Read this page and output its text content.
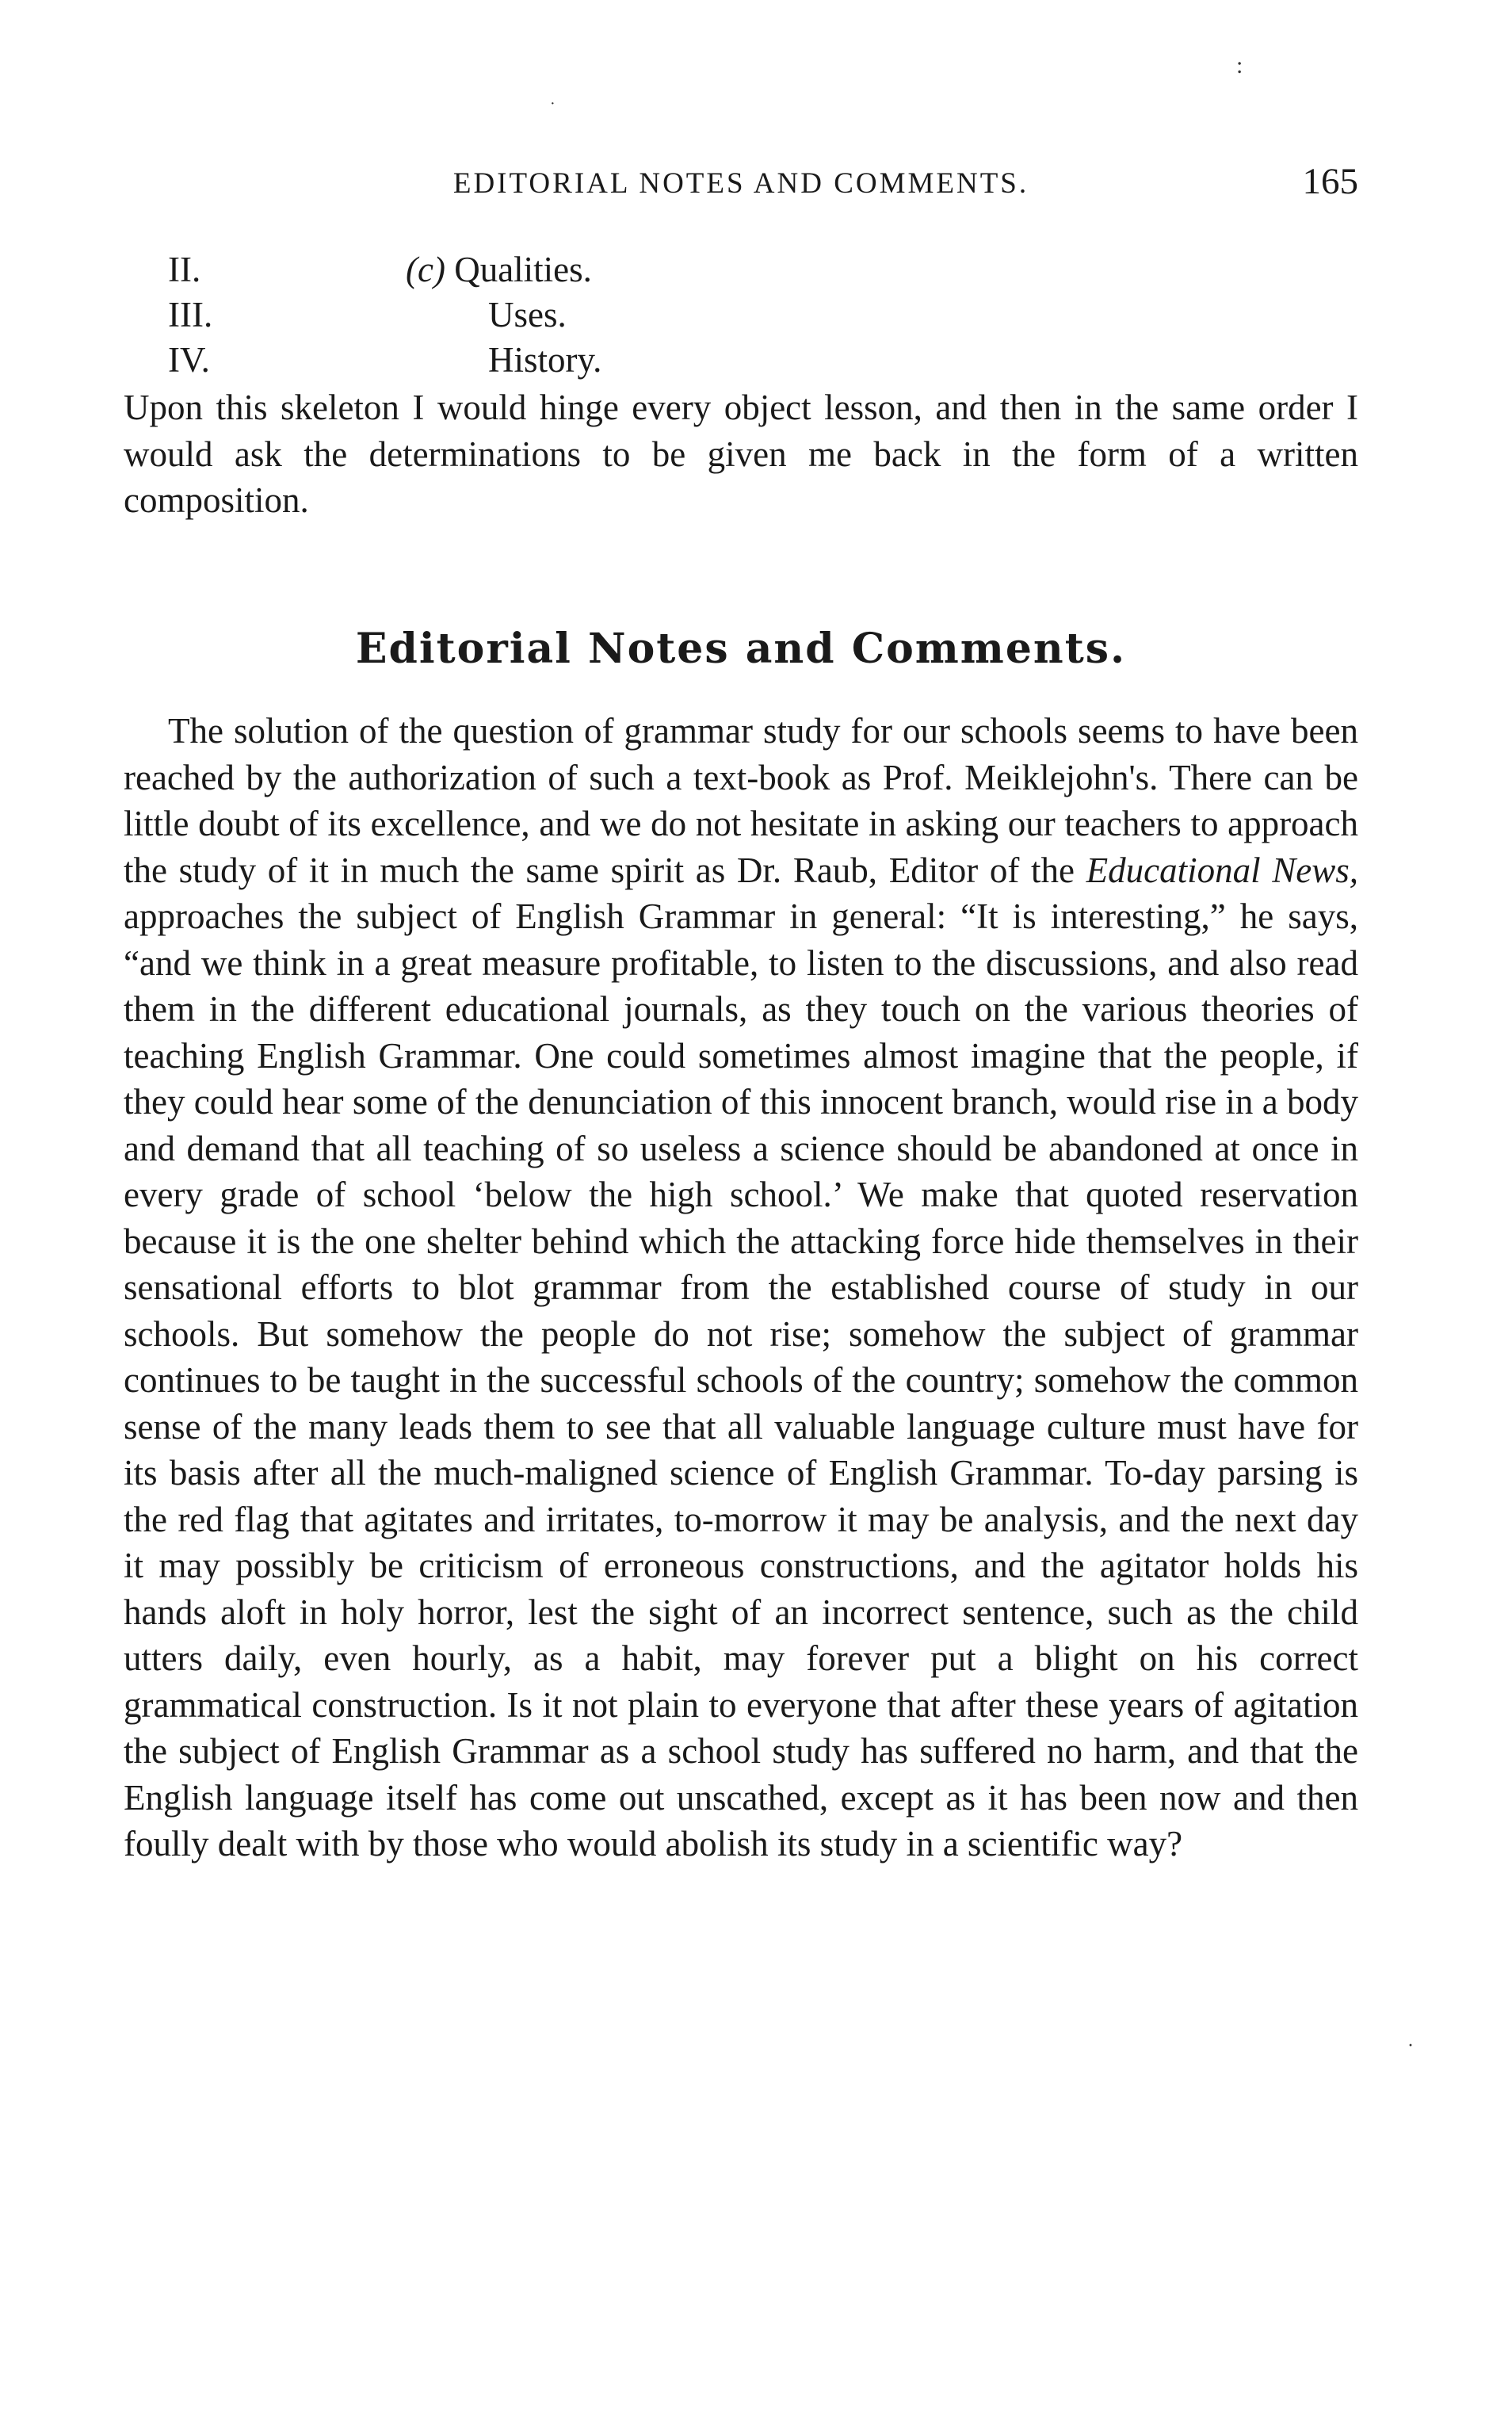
:
·
·
EDITORIAL NOTES AND COMMENTS.	165
II.	(c) Qualities.
III.	Uses.
IV.	History.

Upon this skeleton I would hinge every object lesson, and then in the same order I would ask the determinations to be given me back in the form of a written composition.

Editorial Notes and Comments.

The solution of the question of grammar study for our schools seems to have been reached by the authorization of such a text-book as Prof. Meiklejohn's. There can be little doubt of its excellence, and we do not hesitate in asking our teachers to approach the study of it in much the same spirit as Dr. Raub, Editor of the Educational News, approaches the subject of English Grammar in general: “It is interesting,” he says, “and we think in a great measure profitable, to listen to the discussions, and also read them in the different educational journals, as they touch on the various theories of teaching English Grammar. One could sometimes almost imagine that the people, if they could hear some of the denunciation of this innocent branch, would rise in a body and demand that all teaching of so useless a science should be abandoned at once in every grade of school ‘below the high school.’ We make that quoted reservation because it is the one shelter behind which the attacking force hide themselves in their sensational efforts to blot grammar from the established course of study in our schools. But somehow the people do not rise; somehow the subject of grammar continues to be taught in the successful schools of the country; somehow the common sense of the many leads them to see that all valuable language culture must have for its basis after all the much-maligned science of English Grammar. To-day parsing is the red flag that agitates and irritates, to-morrow it may be analysis, and the next day it may possibly be criticism of erroneous constructions, and the agitator holds his hands aloft in holy horror, lest the sight of an incorrect sentence, such as the child utters daily, even hourly, as a habit, may forever put a blight on his correct grammatical construction. Is it not plain to everyone that after these years of agitation the subject of English Grammar as a school study has suffered no harm, and that the English language itself has come out unscathed, except as it has been now and then foully dealt with by those who would abolish its study in a scientific way?
